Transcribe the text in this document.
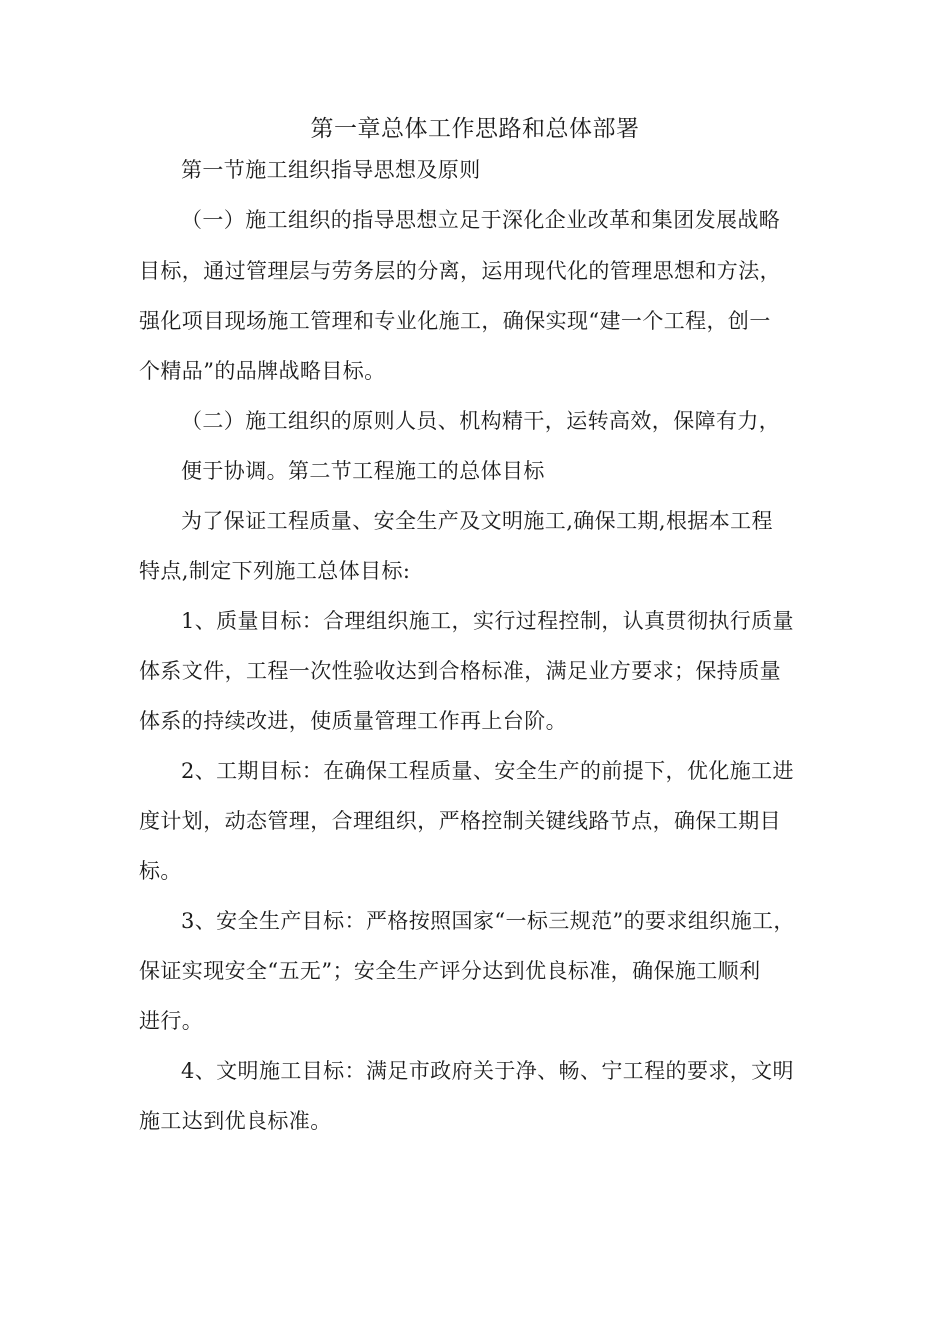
第一章总体工作思路和总体部署
第一节施工组织指导思想及原则
（一）施工组织的指导思想立足于深化企业改革和集团发展战略
目标，通过管理层与劳务层的分离，运用现代化的管理思想和方法，
强化项目现场施工管理和专业化施工，确保实现“建一个工程，创一
个精品”的品牌战略目标。
（二）施工组织的原则人员、机构精干，运转高效，保障有力，
便于协调。第二节工程施工的总体目标
为了保证工程质量、安全生产及文明施工,确保工期,根据本工程
特点,制定下列施工总体目标:
1、质量目标：合理组织施工，实行过程控制，认真贯彻执行质量
体系文件，工程一次性验收达到合格标准，满足业方要求；保持质量
体系的持续改进，使质量管理工作再上台阶。
2、工期目标：在确保工程质量、安全生产的前提下，优化施工进
度计划，动态管理，合理组织，严格控制关键线路节点，确保工期目
标。
3、安全生产目标：严格按照国家“一标三规范”的要求组织施工，
保证实现安全“五无”；安全生产评分达到优良标准，确保施工顺利
进行。
4、文明施工目标：满足市政府关于净、畅、宁工程的要求，文明
施工达到优良标准。
